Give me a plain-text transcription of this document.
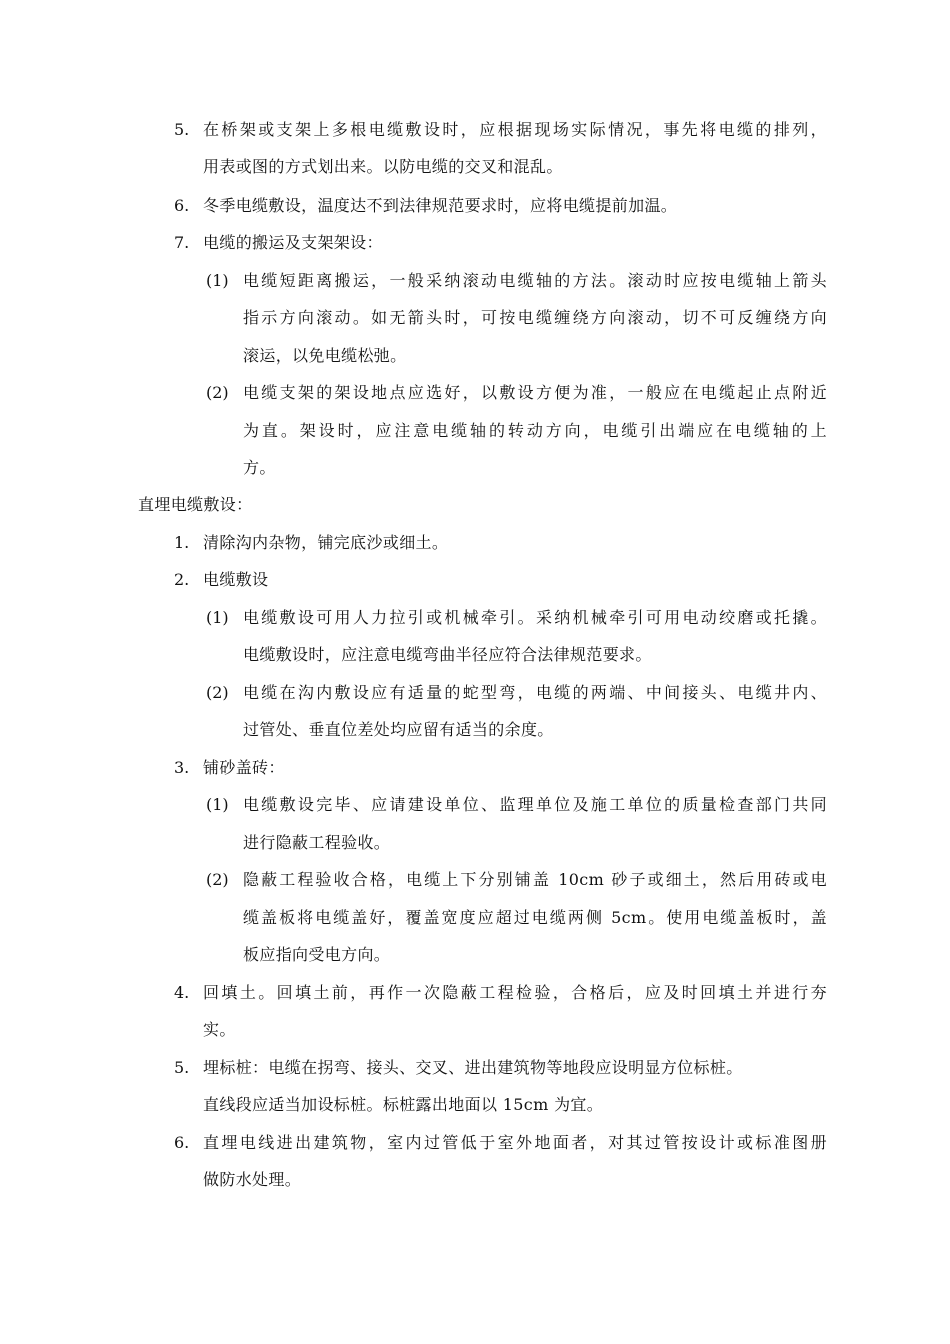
5. 在桥架或支架上多根电缆敷设时，应根据现场实际情况，事先将电缆的排列，
用表或图的方式划出来。以防电缆的交叉和混乱。
6. 冬季电缆敷设，温度达不到法律规范要求时，应将电缆提前加温。
7. 电缆的搬运及支架架设：
(1) 电缆短距离搬运，一般采纳滚动电缆轴的方法。滚动时应按电缆轴上箭头
指示方向滚动。如无箭头时，可按电缆缠绕方向滚动，切不可反缠绕方向
滚运，以免电缆松弛。
(2) 电缆支架的架设地点应选好，以敷设方便为准，一般应在电缆起止点附近
为直。架设时，应注意电缆轴的转动方向，电缆引出端应在电缆轴的上
方。
直埋电缆敷设：
1. 清除沟内杂物，铺完底沙或细土。
2. 电缆敷设
(1) 电缆敷设可用人力拉引或机械牵引。采纳机械牵引可用电动绞磨或托撬。
电缆敷设时，应注意电缆弯曲半径应符合法律规范要求。
(2) 电缆在沟内敷设应有适量的蛇型弯，电缆的两端、中间接头、电缆井内、
过管处、垂直位差处均应留有适当的余度。
3. 铺砂盖砖：
(1) 电缆敷设完毕、应请建设单位、监理单位及施工单位的质量检查部门共同
进行隐蔽工程验收。
(2) 隐蔽工程验收合格，电缆上下分别铺盖 10cm 砂子或细土，然后用砖或电
缆盖板将电缆盖好，覆盖宽度应超过电缆两侧 5cm。使用电缆盖板时，盖
板应指向受电方向。
4. 回填土。回填土前，再作一次隐蔽工程检验，合格后，应及时回填土并进行夯
实。
5. 埋标桩：电缆在拐弯、接头、交叉、进出建筑物等地段应设明显方位标桩。
直线段应适当加设标桩。标桩露出地面以 15cm 为宜。
6. 直埋电线进出建筑物，室内过管低于室外地面者，对其过管按设计或标准图册
做防水处理。
